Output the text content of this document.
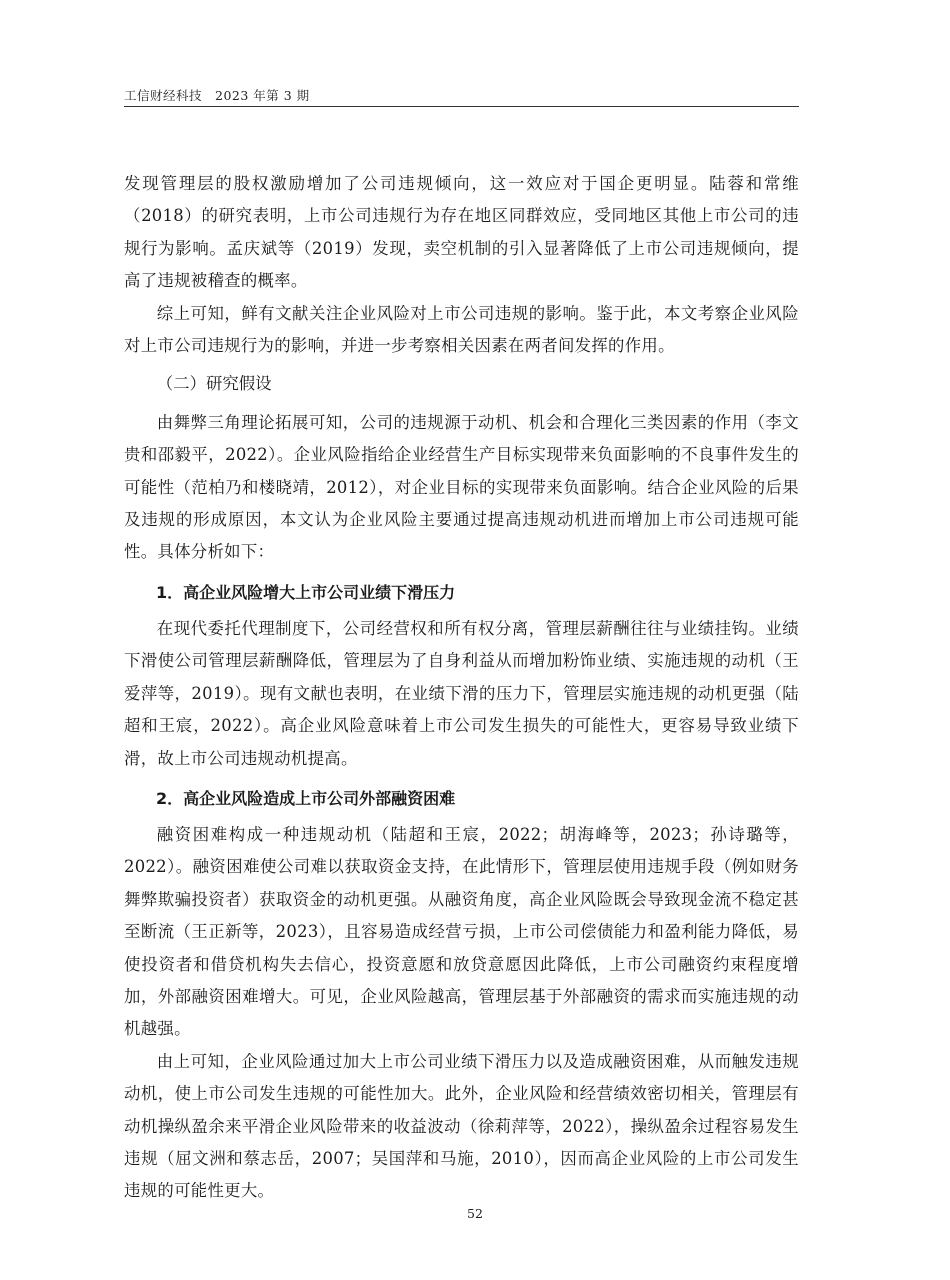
工信财经科技　2023 年第 3 期

发现管理层的股权激励增加了公司违规倾向，这一效应对于国企更明显。陆蓉和常维（2018）的研究表明，上市公司违规行为存在地区同群效应，受同地区其他上市公司的违规行为影响。孟庆斌等（2019）发现，卖空机制的引入显著降低了上市公司违规倾向，提高了违规被稽查的概率。

综上可知，鲜有文献关注企业风险对上市公司违规的影响。鉴于此，本文考察企业风险对上市公司违规行为的影响，并进一步考察相关因素在两者间发挥的作用。

（二）研究假设

由舞弊三角理论拓展可知，公司的违规源于动机、机会和合理化三类因素的作用（李文贵和邵毅平，2022）。企业风险指给企业经营生产目标实现带来负面影响的不良事件发生的可能性（范柏乃和楼晓靖，2012），对企业目标的实现带来负面影响。结合企业风险的后果及违规的形成原因，本文认为企业风险主要通过提高违规动机进而增加上市公司违规可能性。具体分析如下：

1．高企业风险增大上市公司业绩下滑压力

在现代委托代理制度下，公司经营权和所有权分离，管理层薪酬往往与业绩挂钩。业绩下滑使公司管理层薪酬降低，管理层为了自身利益从而增加粉饰业绩、实施违规的动机（王爱萍等，2019）。现有文献也表明，在业绩下滑的压力下，管理层实施违规的动机更强（陆超和王宸，2022）。高企业风险意味着上市公司发生损失的可能性大，更容易导致业绩下滑，故上市公司违规动机提高。

2．高企业风险造成上市公司外部融资困难

融资困难构成一种违规动机（陆超和王宸，2022；胡海峰等，2023；孙诗璐等，2022）。融资困难使公司难以获取资金支持，在此情形下，管理层使用违规手段（例如财务舞弊欺骗投资者）获取资金的动机更强。从融资角度，高企业风险既会导致现金流不稳定甚至断流（王正新等，2023），且容易造成经营亏损，上市公司偿债能力和盈利能力降低，易使投资者和借贷机构失去信心，投资意愿和放贷意愿因此降低，上市公司融资约束程度增加，外部融资困难增大。可见，企业风险越高，管理层基于外部融资的需求而实施违规的动机越强。

由上可知，企业风险通过加大上市公司业绩下滑压力以及造成融资困难，从而触发违规动机，使上市公司发生违规的可能性加大。此外，企业风险和经营绩效密切相关，管理层有动机操纵盈余来平滑企业风险带来的收益波动（徐莉萍等，2022），操纵盈余过程容易发生违规（屈文洲和蔡志岳，2007；吴国萍和马施，2010），因而高企业风险的上市公司发生违规的可能性更大。

52
